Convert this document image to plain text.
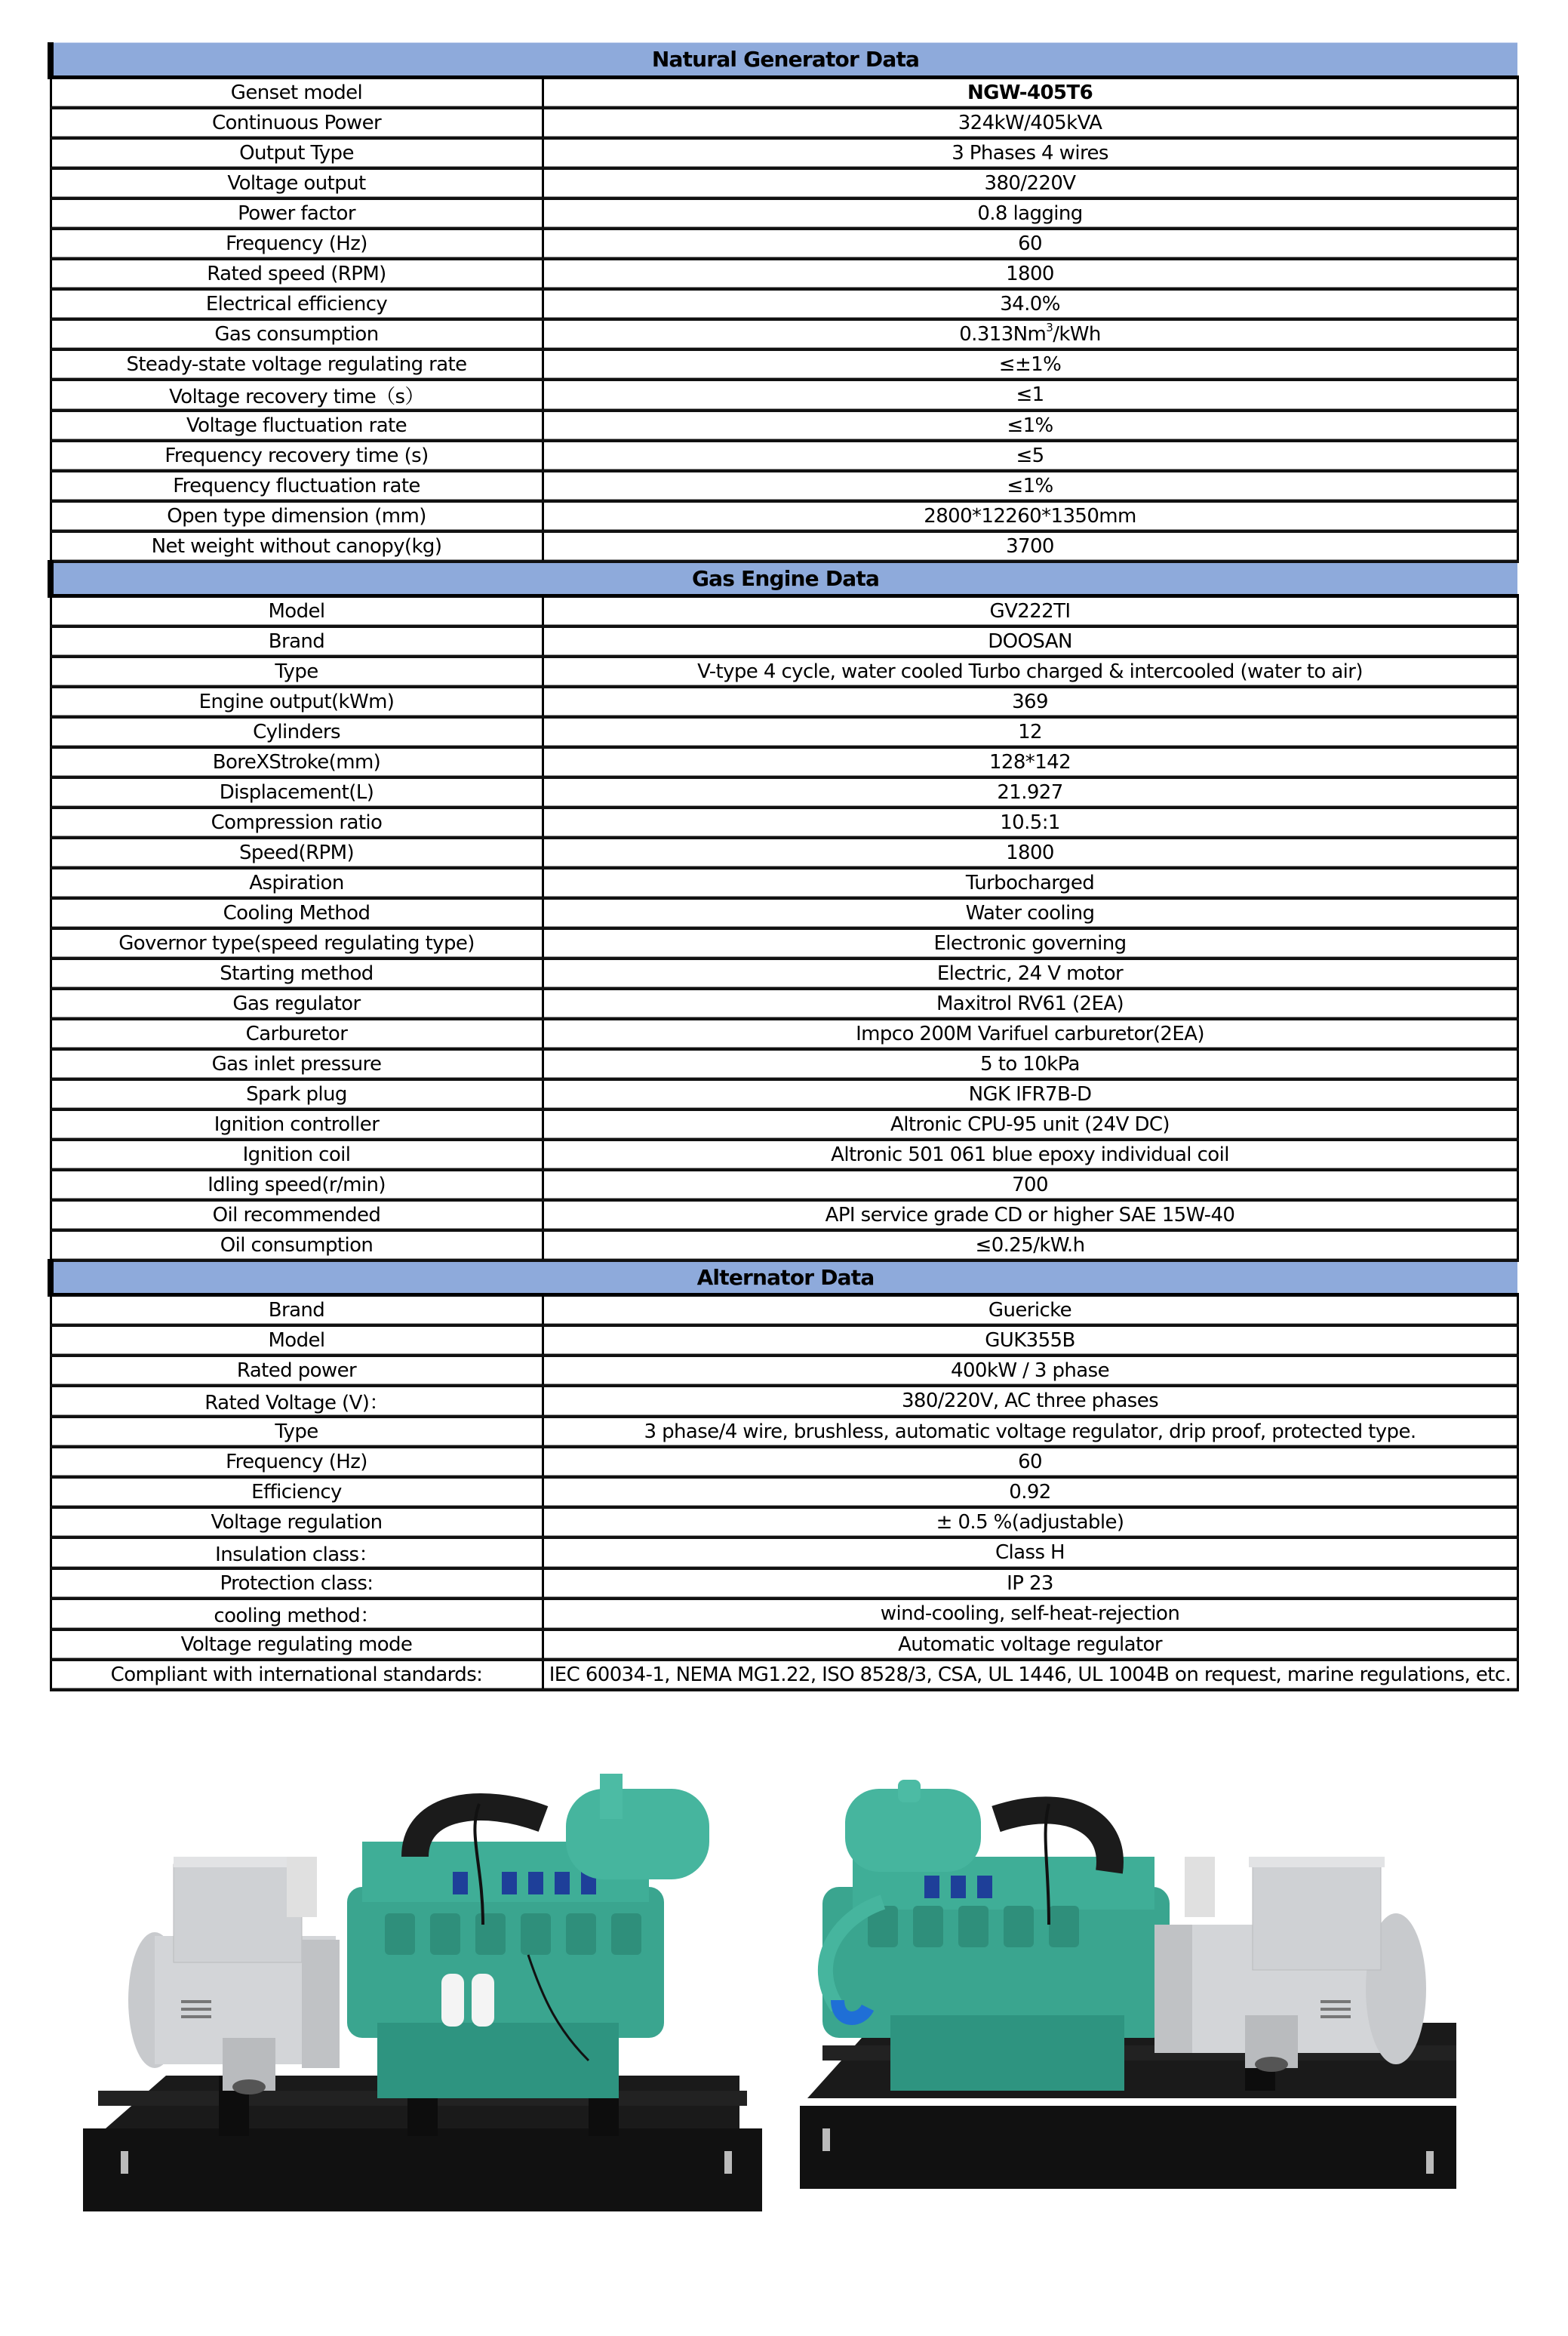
Natural Generator Data	
Genset model	NGW-405T6
Continuous Power	324kW/405kVA
Output Type	3 Phases 4 wires
Voltage output	380/220V
Power factor	0.8 lagging
Frequency (Hz)	60
Rated speed (RPM)	1800
Electrical efficiency	34.0%
Gas consumption	0.313Nm$^3$/kWh
Steady-state voltage regulating rate	≤±1%
Voltage recovery time（s）	≤1
Voltage fluctuation rate	≤1%
Frequency recovery time (s)	≤5
Frequency fluctuation rate	≤1%
Open type dimension (mm)	2800*12260*1350mm
Net weight without canopy(kg)	3700
Gas Engine Data	
Model	GV222TI
Brand	DOOSAN
Type	V-type 4 cycle, water cooled Turbo charged & intercooled (water to air)
Engine output(kWm)	369
Cylinders	12
BoreXStroke(mm)	128*142
Displacement(L)	21.927
Compression ratio	10.5:1
Speed(RPM)	1800
Aspiration	Turbocharged
Cooling Method	Water cooling
Governor type(speed regulating type)	Electronic governing
Starting method	Electric, 24 V motor
Gas regulator	Maxitrol RV61 (2EA)
Carburetor	Impco 200M Varifuel carburetor(2EA)
Gas inlet pressure	5 to 10kPa
Spark plug	NGK IFR7B-D
Ignition controller	Altronic CPU-95 unit (24V DC)
Ignition coil	Altronic 501 061 blue epoxy individual coil
Idling speed(r/min)	700
Oil recommended	API service grade CD or higher SAE 15W-40
Oil consumption	≤0.25/kW.h
Alternator Data	
Brand	Guericke
Model	GUK355B
Rated power	400kW / 3 phase
Rated Voltage (V)：	380/220V, AC three phases
Type	3 phase/4 wire, brushless, automatic voltage regulator, drip proof, protected type.
Frequency (Hz)	60
Efficiency	0.92
Voltage regulation	± 0.5 %(adjustable)
Insulation class：	Class H
Protection class:	IP 23
cooling method：	wind-cooling, self-heat-rejection
Voltage regulating mode	Automatic voltage regulator
Compliant with international standards:	IEC 60034-1, NEMA MG1.22, ISO 8528/3, CSA, UL 1446, UL 1004B on request, marine regulations, etc.
